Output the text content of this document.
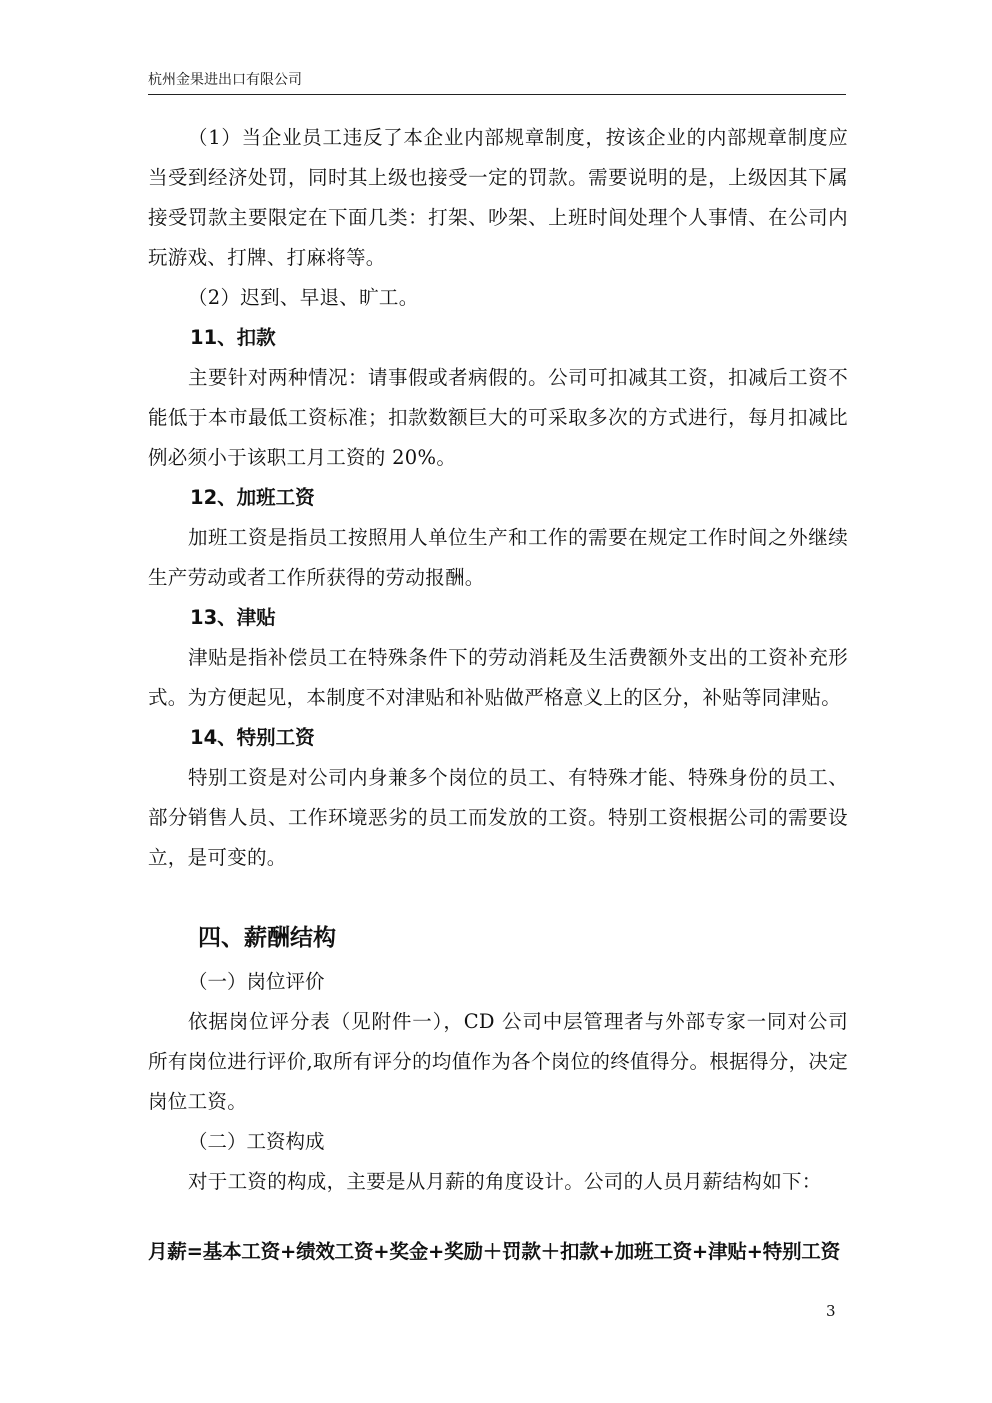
杭州金果进出口有限公司

（1）当企业员工违反了本企业内部规章制度，按该企业的内部规章制度应当受到经济处罚，同时其上级也接受一定的罚款。需要说明的是，上级因其下属接受罚款主要限定在下面几类：打架、吵架、上班时间处理个人事情、在公司内玩游戏、打牌、打麻将等。

（2）迟到、早退、旷工。

11、扣款

主要针对两种情况：请事假或者病假的。公司可扣减其工资，扣减后工资不能低于本市最低工资标准；扣款数额巨大的可采取多次的方式进行，每月扣减比例必须小于该职工月工资的 20%。

12、加班工资

加班工资是指员工按照用人单位生产和工作的需要在规定工作时间之外继续生产劳动或者工作所获得的劳动报酬。

13、津贴

津贴是指补偿员工在特殊条件下的劳动消耗及生活费额外支出的工资补充形式。为方便起见，本制度不对津贴和补贴做严格意义上的区分，补贴等同津贴。

14、特别工资

特别工资是对公司内身兼多个岗位的员工、有特殊才能、特殊身份的员工、部分销售人员、工作环境恶劣的员工而发放的工资。特别工资根据公司的需要设立，是可变的。

四、薪酬结构

（一）岗位评价

依据岗位评分表（见附件一），CD 公司中层管理者与外部专家一同对公司所有岗位进行评价,取所有评分的均值作为各个岗位的终值得分。根据得分，决定岗位工资。

（二）工资构成

对于工资的构成，主要是从月薪的角度设计。公司的人员月薪结构如下：

月薪=基本工资+绩效工资+奖金+奖励＋罚款＋扣款+加班工资+津贴+特别工资

3
